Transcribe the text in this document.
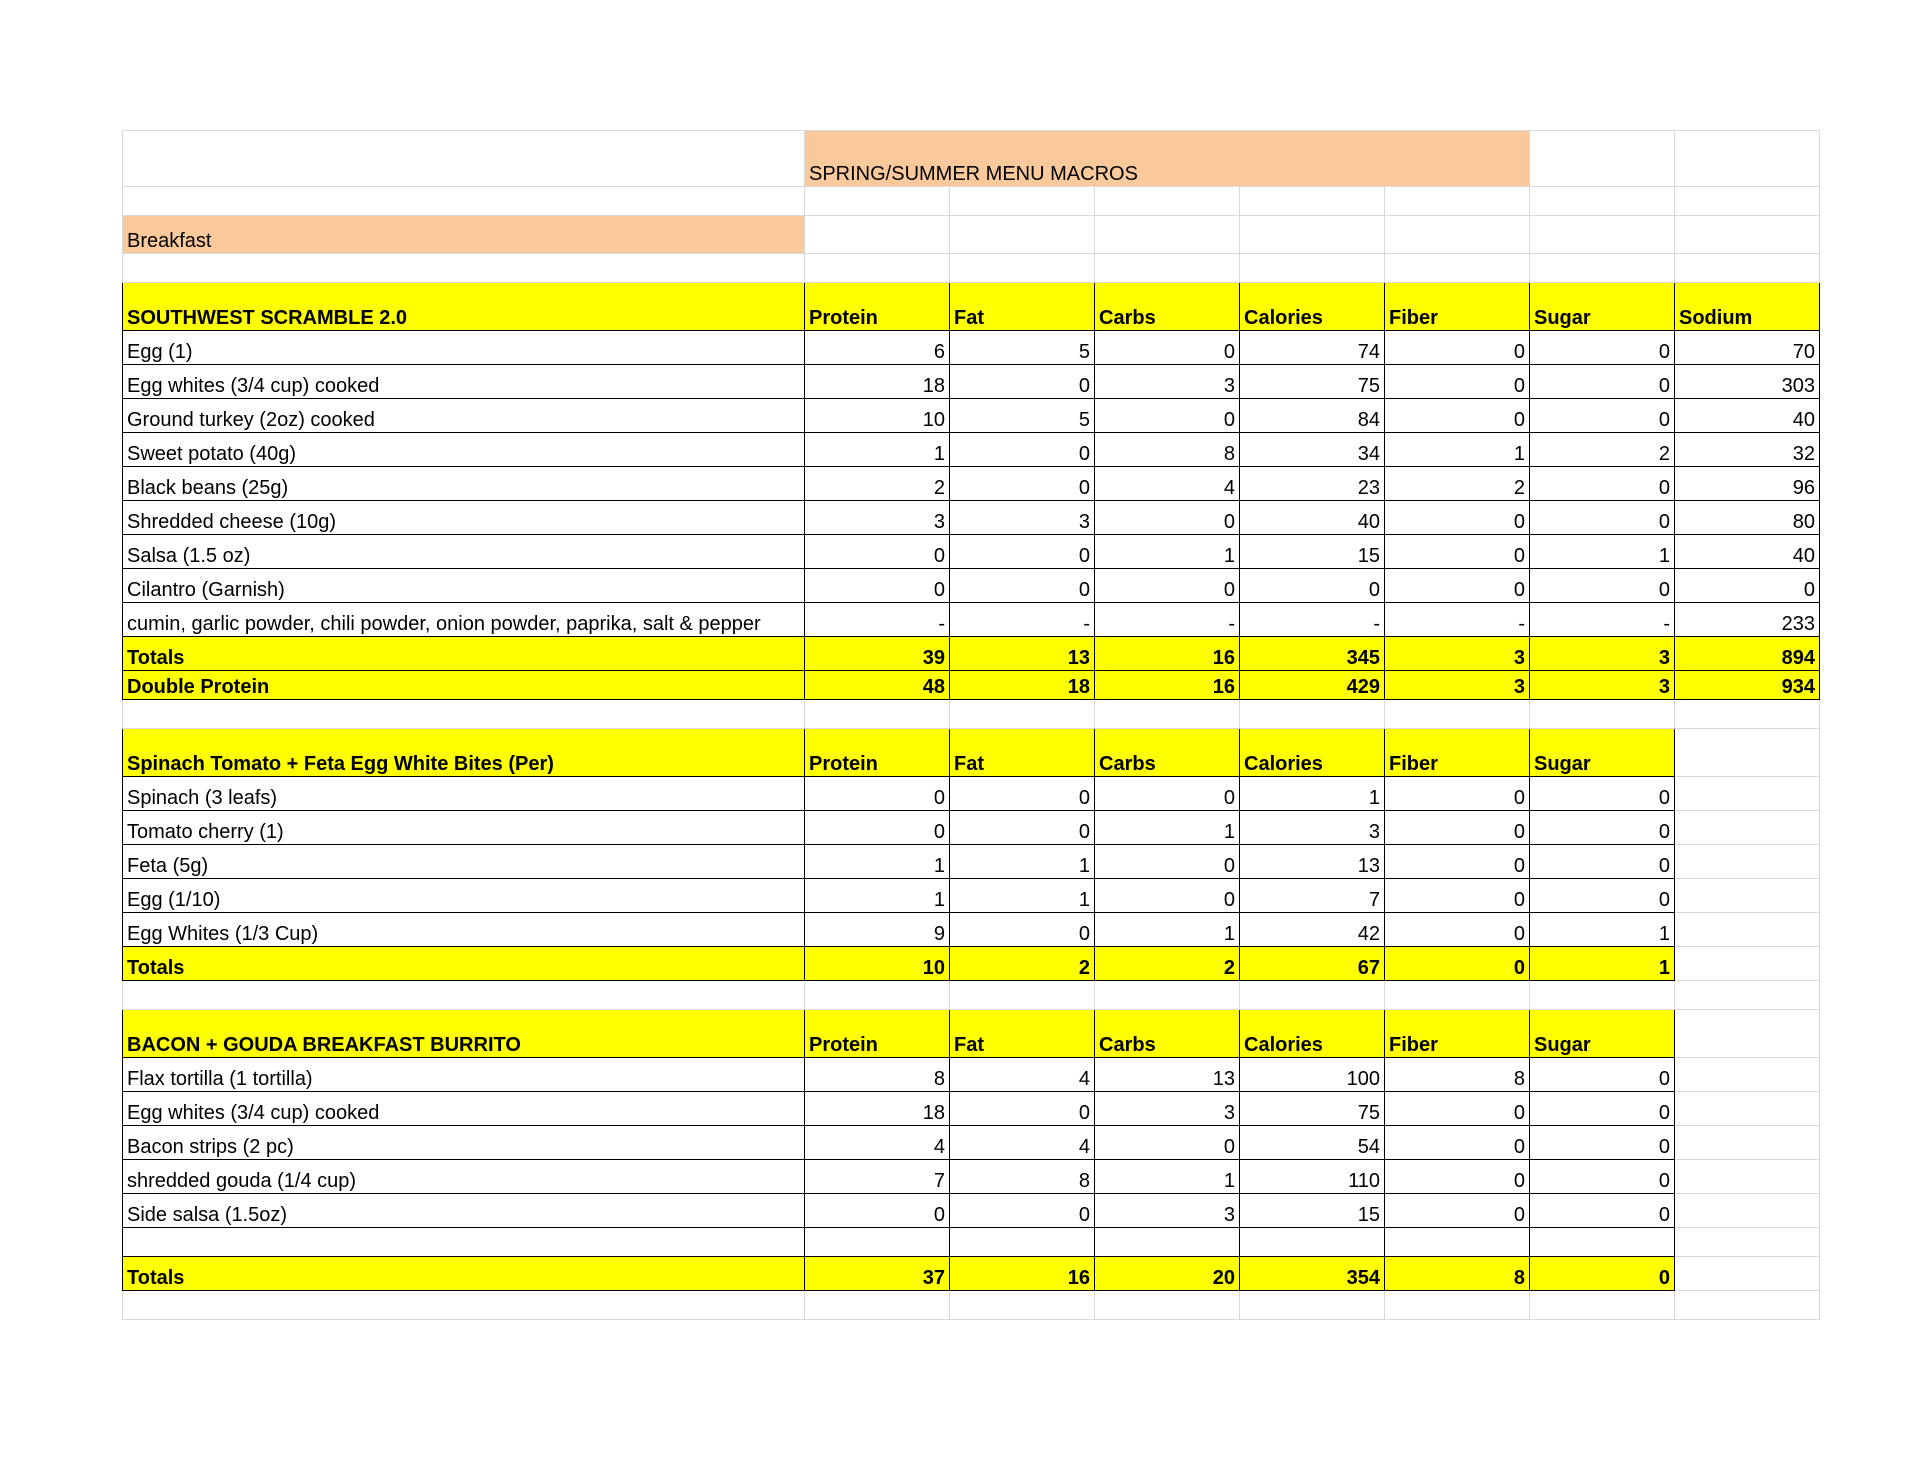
	SPRING/SUMMER MENU MACROS						

Breakfast							

SOUTHWEST SCRAMBLE 2.0	Protein	Fat	Carbs	Calories	Fiber	Sugar	Sodium
Egg (1)	6	5	0	74	0	0	70
Egg whites (3/4 cup) cooked	18	0	3	75	0	0	303
Ground turkey (2oz) cooked	10	5	0	84	0	0	40
Sweet potato (40g)	1	0	8	34	1	2	32
Black beans (25g)	2	0	4	23	2	0	96
Shredded cheese (10g)	3	3	0	40	0	0	80
Salsa (1.5 oz)	0	0	1	15	0	1	40
Cilantro (Garnish)	0	0	0	0	0	0	0
cumin, garlic powder, chili powder, onion powder, paprika, salt & pepper	-	-	-	-	-	-	233
Totals	39	13	16	345	3	3	894
Double Protein	48	18	16	429	3	3	934

Spinach Tomato + Feta Egg White Bites (Per)	Protein	Fat	Carbs	Calories	Fiber	Sugar	
Spinach (3 leafs)	0	0	0	1	0	0	
Tomato cherry (1)	0	0	1	3	0	0	
Feta (5g)	1	1	0	13	0	0	
Egg (1/10)	1	1	0	7	0	0	
Egg Whites (1/3 Cup)	9	0	1	42	0	1	
Totals	10	2	2	67	0	1	

BACON + GOUDA BREAKFAST BURRITO	Protein	Fat	Carbs	Calories	Fiber	Sugar	
Flax tortilla (1 tortilla)	8	4	13	100	8	0	
Egg whites (3/4 cup) cooked	18	0	3	75	0	0	
Bacon strips (2 pc)	4	4	0	54	0	0	
shredded gouda (1/4 cup)	7	8	1	110	0	0	
Side salsa (1.5oz)	0	0	3	15	0	0	

Totals	37	16	20	354	8	0	
